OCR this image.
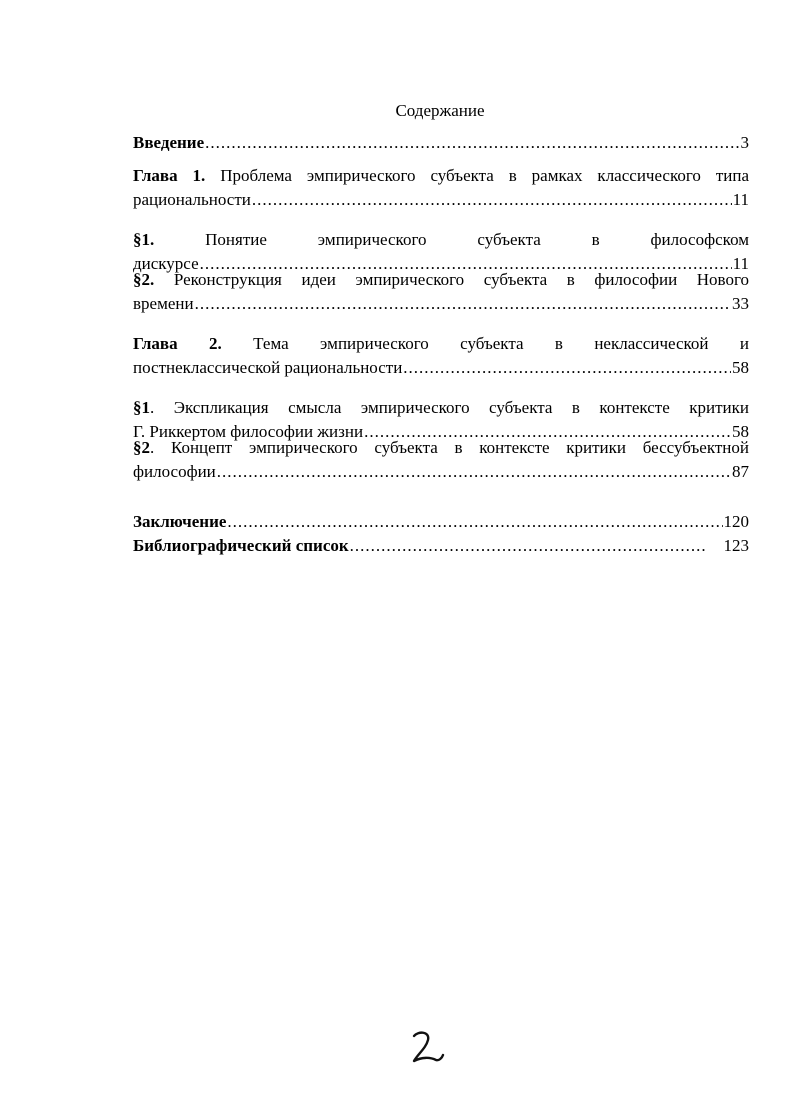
Содержание
Введение .....	3
Глава 1. Проблема эмпирического субъекта в рамках классического типа
рациональности .....	11
§1.	Понятие эмпирического субъекта в философском
дискурсе .....	11
§2. Реконструкция идеи эмпирического субъекта в философии Нового
времени .....	33
Глава 2. Тема эмпирического субъекта в неклассической и
постнеклассической рациональности .....	58
§1. Экспликация смысла эмпирического субъекта в контексте критики
Г. Риккертом философии жизни .....	58
§2. Концепт эмпирического субъекта в контексте критики бессубъектной
философии .....	87
Заключение .....	120
Библиографический список .....	123
